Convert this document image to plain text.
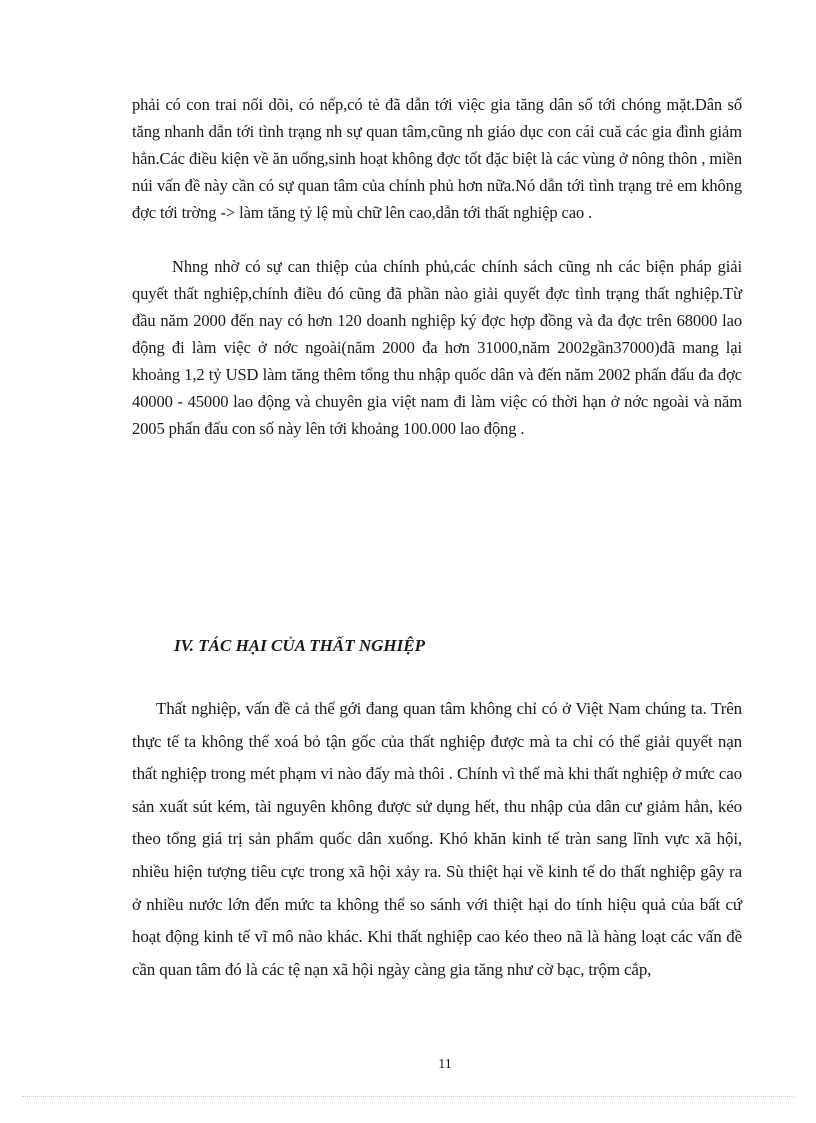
phải có con trai nối dõi, có nếp,có tẻ đã dẫn tới việc gia tăng dân số tới chóng mặt.Dân số tăng nhanh dẫn tới tình trạng nh sự quan tâm,cũng nh giáo dục con cái cuă các gia đình giảm hẳn.Các điều kiện về ăn uống,sinh hoạt không đợc tốt đặc biệt là các vùng ở nông thôn , miền núi vấn đề này cần có sự quan tâm của chính phủ hơn nữa.Nó dẫn tới tình trạng trẻ em không đợc tới trờng -> làm tăng tỷ lệ mù chữ lên cao,dẫn tới thất nghiệp cao .
Nhng nhờ có sự can thiệp của chính phủ,các chính sách cũng nh các biện pháp giải quyết thất nghiệp,chính điều đó cũng đã phần nào giải quyết đợc tình trạng thất nghiệp.Từ đầu năm 2000 đến nay có hơn 120 doanh nghiệp ký đợc hợp đồng và đa đợc trên 68000 lao động đi làm việc ở nớc ngoài(năm 2000 đa hơn 31000,năm 2002gần37000)đã mang lại khoảng 1,2 tỷ USD làm tăng thêm tổng thu nhập quốc dân và đến năm 2002 phấn đấu đa đợc 40000 - 45000 lao động và chuyên gia việt nam đi làm việc có thời hạn ở nớc ngoài và năm 2005 phấn đấu con số này lên tới khoảng 100.000 lao động .
IV. TÁC HẠI CỦA THẤT NGHIỆP
Thất nghiệp, vấn đề cả thế gới đang quan tâm không chỉ có ở Việt Nam chúng ta. Trên thực tế ta không thể xoá bỏ tận gốc của thất nghiệp được mà ta chỉ có thể giải quyết nạn thất nghiệp trong mét phạm vi nào đấy mà thôi . Chính vì thế mà khi thất nghiệp ở mức cao sản xuất sút kém, tài nguyên không được sử dụng hết, thu nhập của dân cư giảm hẳn, kéo theo tổng giá trị sản phẩm quốc dân xuống. Khó khăn kinh tế tràn sang lĩnh vực xã hội, nhiều hiện tượng tiêu cực trong xã hội xảy ra. Sù thiệt hại về kinh tế do thất nghiệp gây ra ở nhiều nước lớn đến mức ta không thể so sánh với thiệt hại do tính hiệu quả của bất cứ hoạt động kinh tế vĩ mô nào khác. Khi thất nghiệp cao kéo theo nã là hàng loạt các vấn đề cần quan tâm đó là các tệ nạn xã hội ngày càng gia tăng như cờ bạc, trộm cắp,
11
